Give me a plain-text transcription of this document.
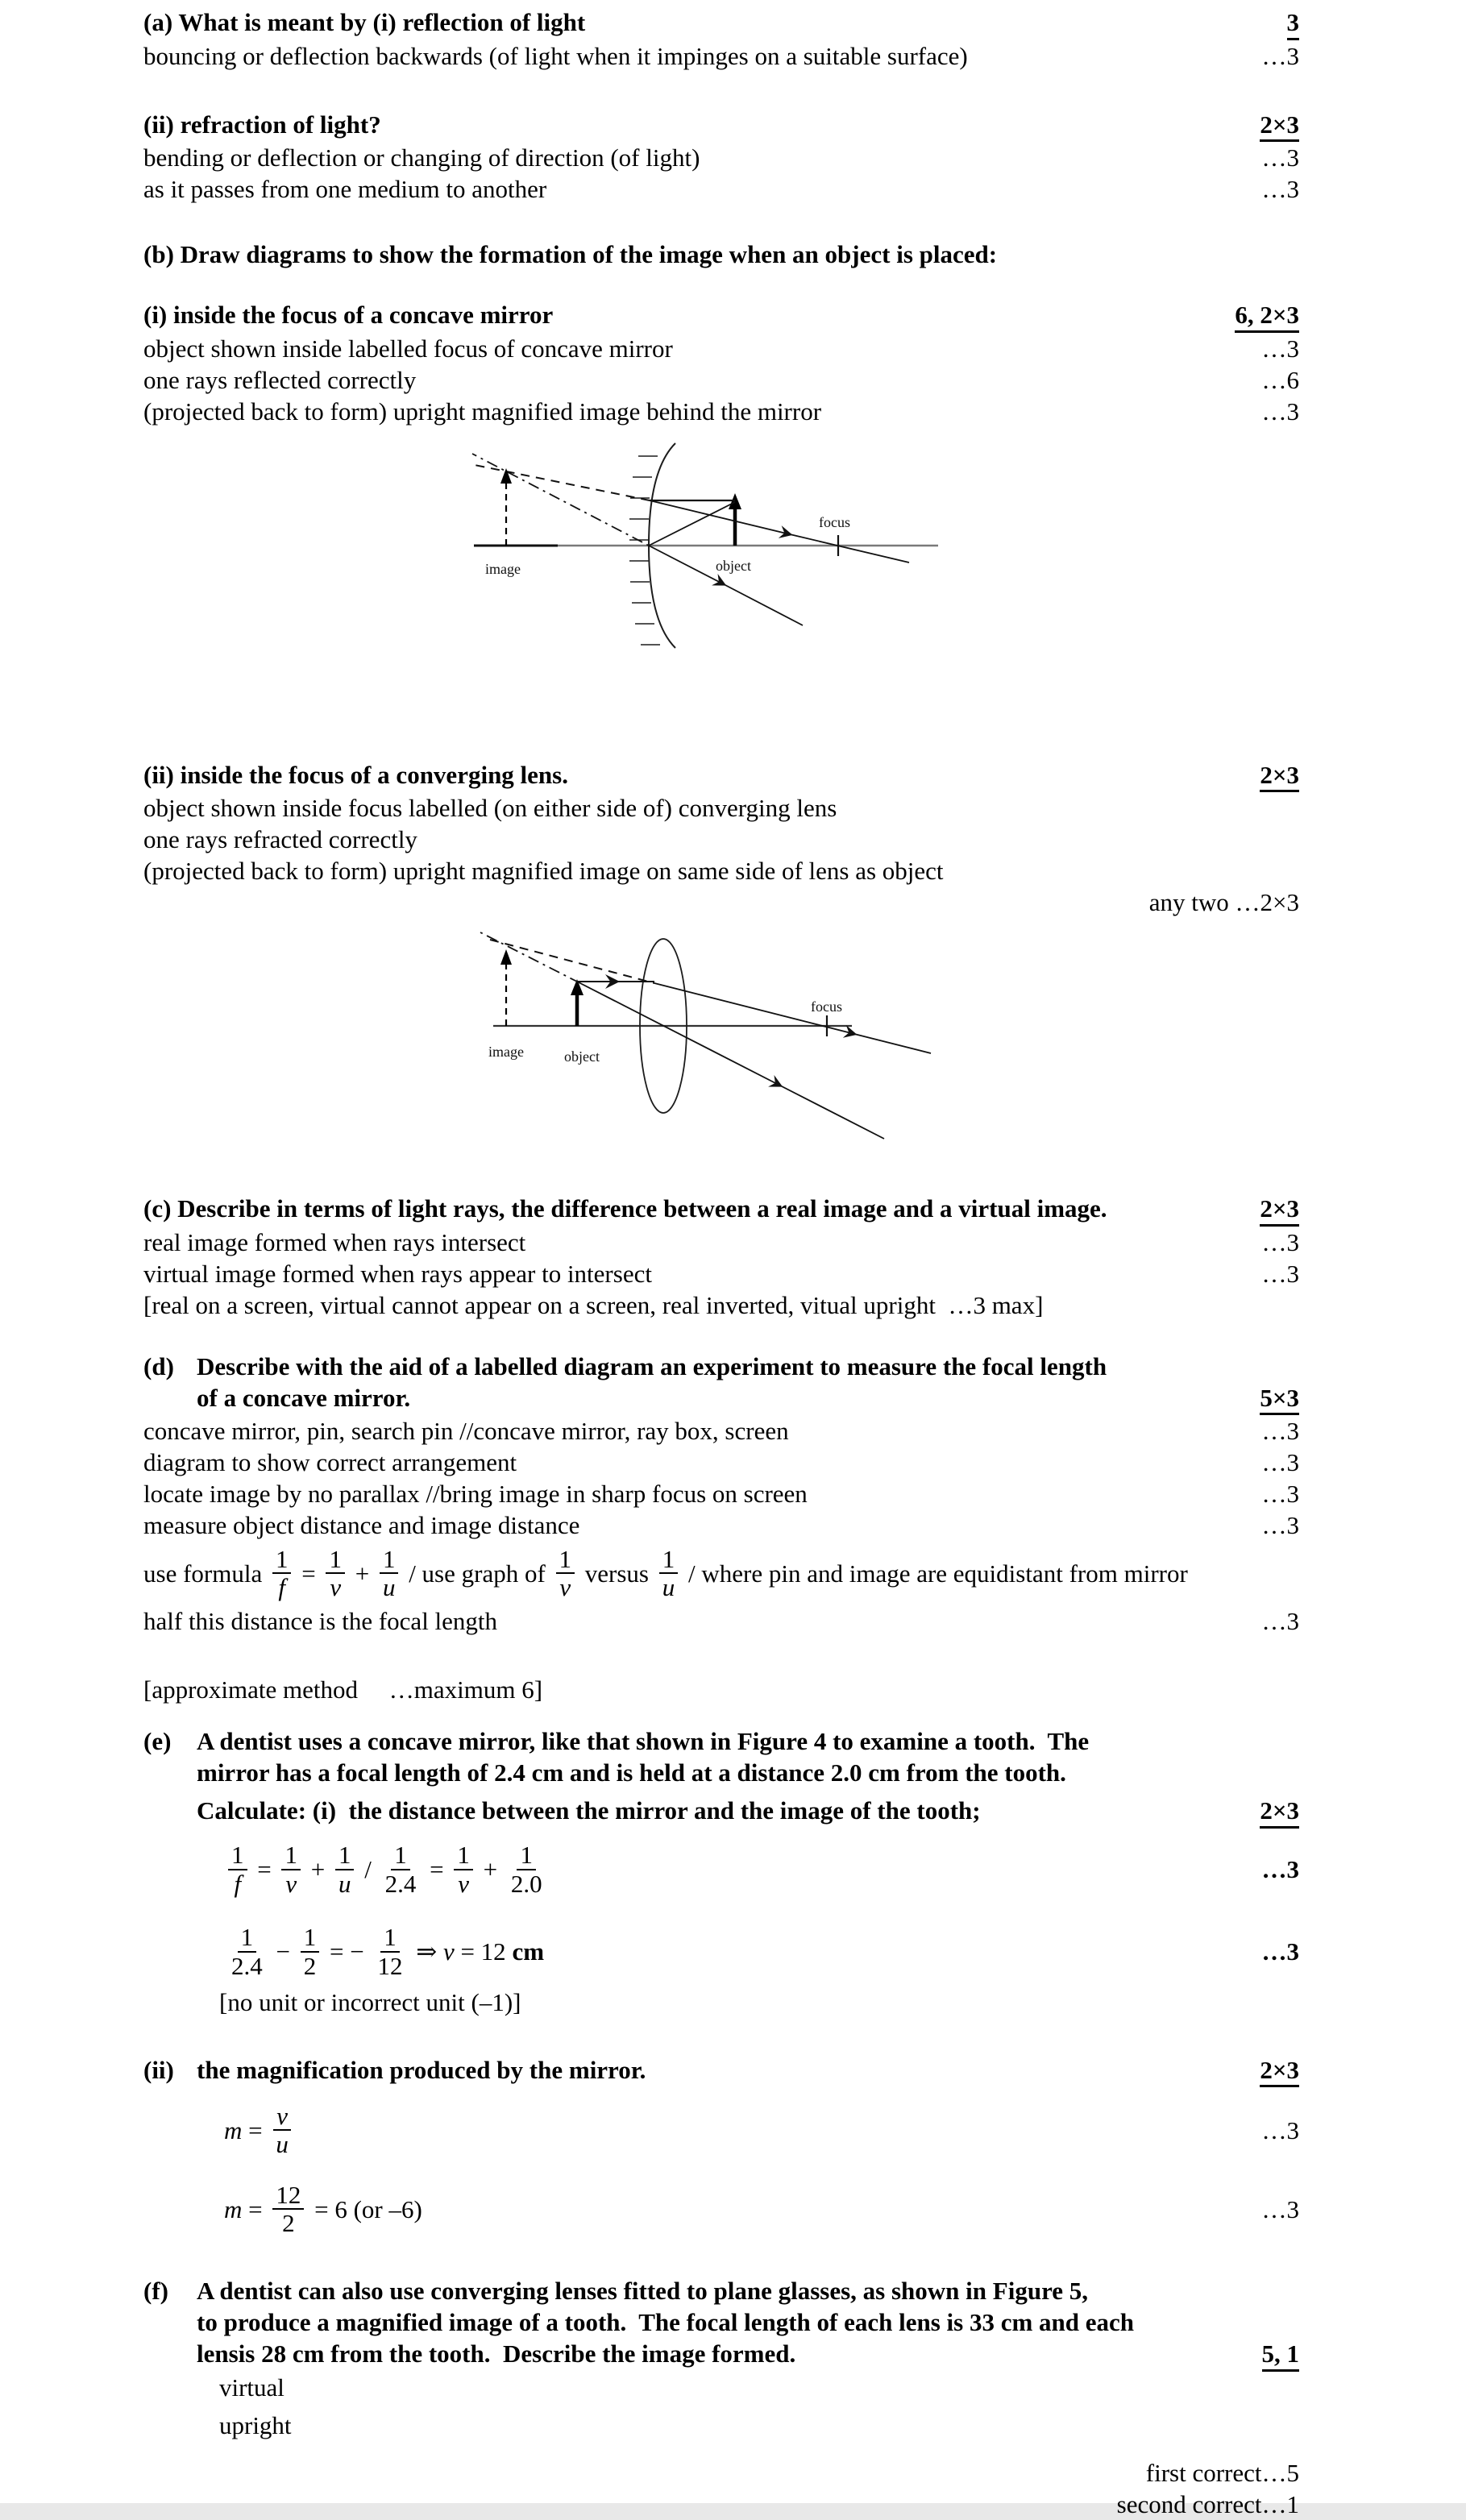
(a) What is meant by (i) reflection of light	3
bouncing or deflection backwards (of light when it impinges on a suitable surface)	…3
(ii) refraction of light?	2×3
bending or deflection or changing of direction (of light)	…3
as it passes from one medium to another	…3
(b) Draw diagrams to show the formation of the image when an object is placed:
(i) inside the focus of a concave mirror	6, 2×3
object shown inside labelled focus of concave mirror	…3
one rays reflected correctly	…6
(projected back to form) upright magnified image behind the mirror	…3
image	object
focus
(ii) inside the focus of a converging lens.	2×3
object shown inside focus labelled (on either side of) converging lens
one rays refracted correctly
(projected back to form) upright magnified image on same side of lens as object
any two …2×3
image	object
focus
(c) Describe in terms of light rays, the difference between a real image and a virtual image.	2×3
real image formed when rays intersect	…3
virtual image formed when rays appear to intersect	…3
[real on a screen, virtual cannot appear on a screen, real inverted, vitual upright  …3 max]
(d) Describe with the aid of a labelled diagram an experiment to measure the focal length
of a concave mirror.	5×3
concave mirror, pin, search pin //concave mirror, ray box, screen	…3
diagram to show correct arrangement	…3
locate image by no parallax //bring image in sharp focus on screen	…3
measure object distance and image distance	…3
use formula $\frac{1}{f} = \frac{1}{v} + \frac{1}{u}$ / use graph of $\frac{1}{v}$ versus $\frac{1}{u}$ / where pin and image are equidistant from mirror
half this distance is the focal length	…3
[approximate method     …maximum 6]
(e)	A dentist uses a concave mirror, like that shown in Figure 4 to examine a tooth.  The
mirror has a focal length of 2.4 cm and is held at a distance 2.0 cm from the tooth.
Calculate: (i)  the distance between the mirror and the image of the tooth;	2×3
$\frac{1}{f} = \frac{1}{v} + \frac{1}{u} / \frac{1}{2.4} = \frac{1}{v} + \frac{1}{2.0}$	…3
$\frac{1}{2.4} - \frac{1}{2}$ = − $\frac{1}{12}$ ⇒ v = 12 cm	…3
[no unit or incorrect unit (–1)]
(ii) the magnification produced by the mirror.	2×3
$m = \frac{v}{u}$	…3
$m = \frac{12}{2} = 6$ (or –6)	…3
(f)	A dentist can also use converging lenses fitted to plane glasses, as shown in Figure 5,
to produce a magnified image of a tooth.  The focal length of each lens is 33 cm and each
lensis 28 cm from the tooth.  Describe the image formed.	5, 1
virtual
upright
first correct…5
second correct…1
